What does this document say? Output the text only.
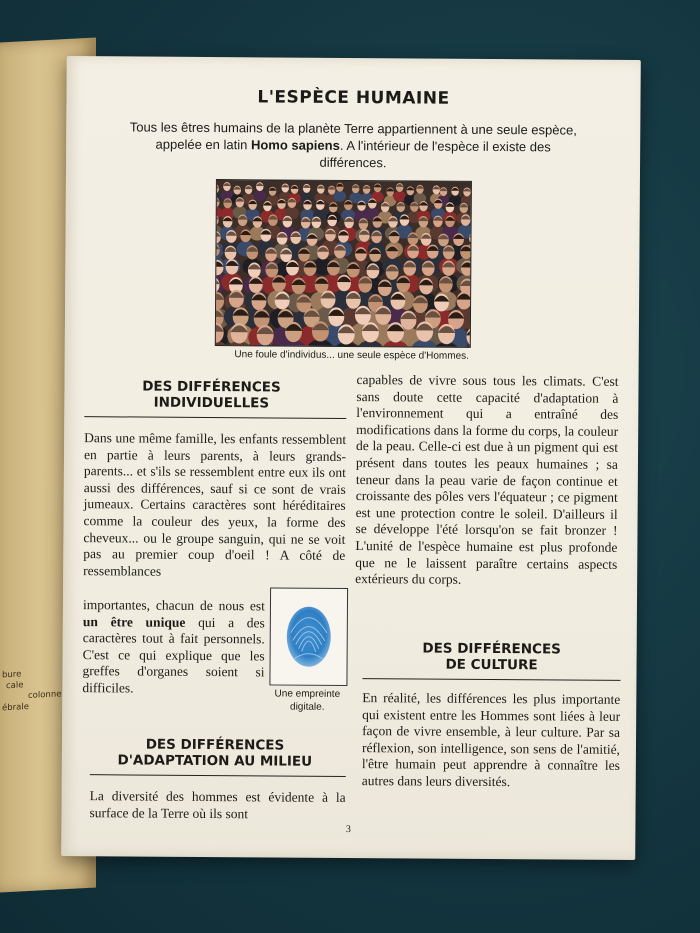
bure
cale
colonne
ébrale
L'ESPÈCE HUMAINE
Tous les êtres humains de la planète Terre appartiennent à une seule espèce, appelée en latin Homo sapiens. A l'intérieur de l'espèce il existe des différences.
Une foule d'individus... une seule espèce d'Hommes.
DES DIFFÉRENCES
INDIVIDUELLES
Dans une même famille, les enfants ressemblent en partie à leurs parents, à leurs grands-parents... et s'ils se ressemblent entre eux ils ont aussi des différences, sauf si ce sont de vrais jumeaux. Certains caractères sont héréditaires comme la couleur des yeux, la forme des cheveux... ou le groupe sanguin, qui ne se voit pas au premier coup d'oeil ! A côté de ressemblances
importantes, chacun de nous est un être unique qui a des caractères tout à fait personnels. C'est ce qui explique que les greffes d'organes soient si difficiles.	Une empreinte digitale.
DES DIFFÉRENCES
D'ADAPTATION AU MILIEU
La diversité des hommes est évidente à la surface de la Terre où ils sont
capables de vivre sous tous les climats. C'est sans doute cette capacité d'adaptation à l'environnement qui a entraîné des modifications dans la forme du corps, la couleur de la peau. Celle-ci est due à un pigment qui est présent dans toutes les peaux humaines ; sa teneur dans la peau varie de façon continue et croissante des pôles vers l'équateur ; ce pigment est une protection contre le soleil. D'ailleurs il se développe l'été lorsqu'on se fait bronzer ! L'unité de l'espèce humaine est plus profonde que ne le laissent paraître certains aspects extérieurs du corps.
DES DIFFÉRENCES
DE CULTURE
En réalité, les différences les plus importante qui existent entre les Hommes sont liées à leur façon de vivre ensemble, à leur culture. Par sa réflexion, son intelligence, son sens de l'amitié, l'être humain peut apprendre à connaître les autres dans leurs diversités.
3
